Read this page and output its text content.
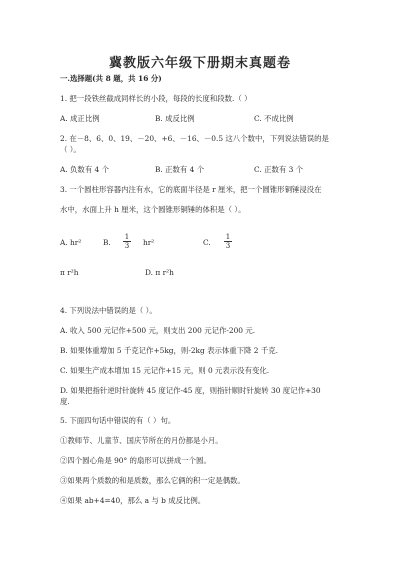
冀教版六年级下册期末真题卷
一.选择题(共 8 题，共 16 分)
1. 把一段铁丝截成同样长的小段，每段的长度和段数.（ ）
A. 成正比例	B. 成反比例	C. 不成比例
2. 在－8、6、0、19、－20、+6、－16、－0.5 这八个数中，下列说法错误的是
（ ）。
A. 负数有 4 个	B. 正数有 4 个	C. 正数有 3 个
3. 一个圆柱形容器内注有水，它的底面半径是 r 厘米，把一个圆锥形铜锤浸没在
水中，水面上升 h 厘米，这个圆锥形铜锤的体积是（ ）。
A. hr²	B.
1
3	hr²	C.
1
3
π r²h	D. π r²h
4. 下列说法中错误的是（ ）。
A. 收入 500 元记作+500 元，则支出 200 元记作-200 元.
B. 如果体重增加 5 千克记作+5kg，则-2kg 表示体重下降 2 千克.
C. 如果生产成本增加 15 元记作+15 元，则 0 元表示没有变化.
D. 如果把指针逆时针旋转 45 度记作-45 度，则指针顺时针旋转 30 度记作+30
度.
5. 下面四句话中错误的有（ ）句。
①教师节、儿童节、国庆节所在的月份都是小月。
②四个圆心角是 90° 的扇形可以拼成一个圆。
③如果两个质数的和是质数，那么它俩的积一定是偶数。
④如果 ab+4=40，那么 a 与 b 成反比例。
